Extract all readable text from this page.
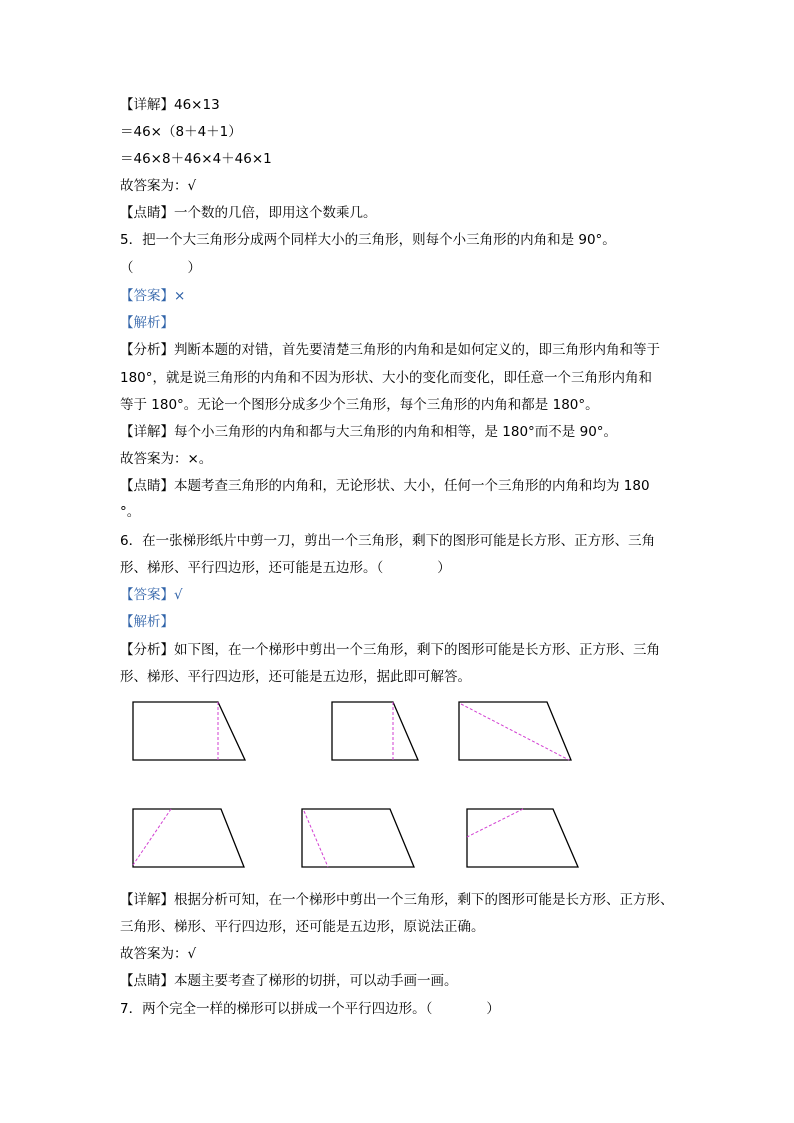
【详解】46×13
＝46×（8＋4＋1）
＝46×8＋46×4＋46×1
故答案为：√
【点睛】一个数的几倍，即用这个数乘几。
5．把一个大三角形分成两个同样大小的三角形，则每个小三角形的内角和是 90°。
（　　　　）
【答案】×
【解析】
【分析】判断本题的对错，首先要清楚三角形的内角和是如何定义的，即三角形内角和等于
180°，就是说三角形的内角和不因为形状、大小的变化而变化，即任意一个三角形内角和
等于 180°。无论一个图形分成多少个三角形，每个三角形的内角和都是 180°。
【详解】每个小三角形的内角和都与大三角形的内角和相等，是 180°而不是 90°。
故答案为：×。
【点睛】本题考查三角形的内角和，无论形状、大小，任何一个三角形的内角和均为 180
°。
6．在一张梯形纸片中剪一刀，剪出一个三角形，剩下的图形可能是长方形、正方形、三角
形、梯形、平行四边形，还可能是五边形。（　　　　）
【答案】√
【解析】
【分析】如下图，在一个梯形中剪出一个三角形，剩下的图形可能是长方形、正方形、三角
形、梯形、平行四边形，还可能是五边形，据此即可解答。
【详解】根据分析可知，在一个梯形中剪出一个三角形，剩下的图形可能是长方形、正方形、
三角形、梯形、平行四边形，还可能是五边形，原说法正确。
故答案为：√
【点睛】本题主要考查了梯形的切拼，可以动手画一画。
7．两个完全一样的梯形可以拼成一个平行四边形。（　　　　）
